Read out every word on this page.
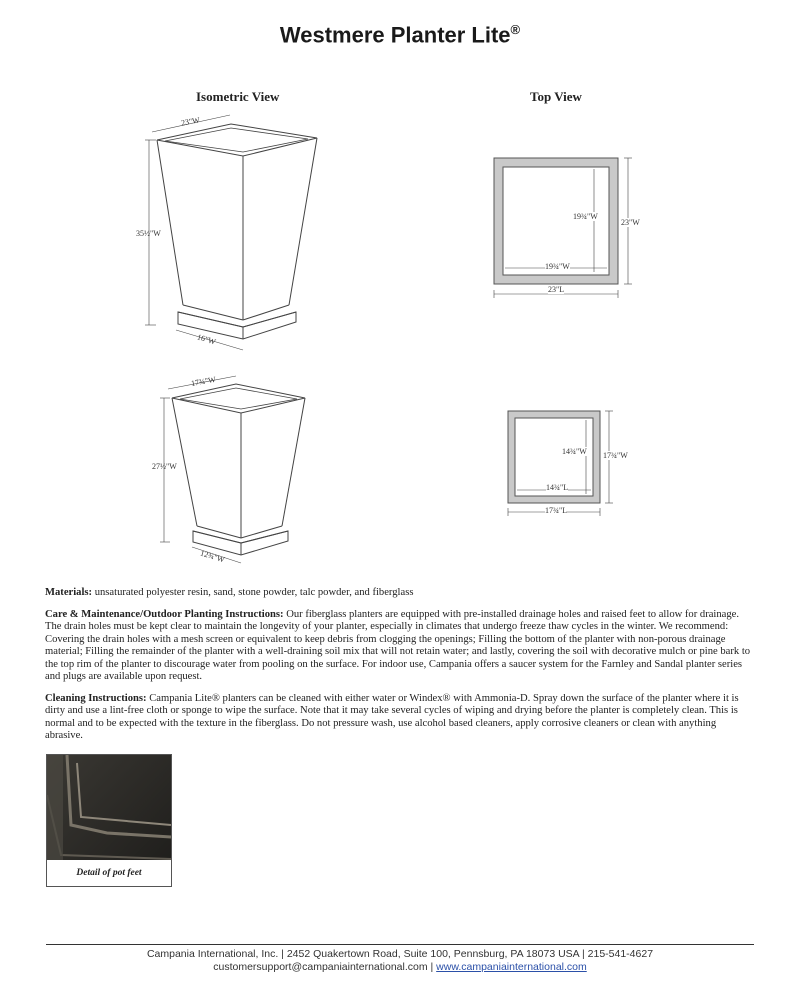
Westmere Planter Lite®
Isometric View	Top View
23"W
35½"W
16"W
17¾"W
27½"W
12¾"W
19¾"W
19¾"W
23"W
23"L
14¾"W
14¾"L
17¾"W
17¾"L
Materials: unsaturated polyester resin, sand, stone powder, talc powder, and fiberglass
Care & Maintenance/Outdoor Planting Instructions: Our fiberglass planters are equipped with pre-installed drainage holes and raised feet to allow for drainage. The drain holes must be kept clear to maintain the longevity of your planter, especially in climates that undergo freeze thaw cycles in the winter. We recommend: Covering the drain holes with a mesh screen or equivalent to keep debris from clogging the openings; Filling the bottom of the planter with non-porous drainage material; Filling the remainder of the planter with a well-draining soil mix that will not retain water; and lastly, covering the soil with decorative mulch or pine bark to the top rim of the planter to discourage water from pooling on the surface. For indoor use, Campania offers a saucer system for the Farnley and Sandal planter series and plugs are available upon request.
Cleaning Instructions: Campania Lite® planters can be cleaned with either water or Windex® with Ammonia-D. Spray down the surface of the planter where it is dirty and use a lint-free cloth or sponge to wipe the surface. Note that it may take several cycles of wiping and drying before the planter is completely clean. This is normal and to be expected with the texture in the fiberglass. Do not pressure wash, use alcohol based cleaners, apply corrosive cleaners or clean with anything abrasive.
Detail of pot feet
Campania International, Inc. | 2452 Quakertown Road, Suite 100, Pennsburg, PA 18073 USA | 215-541-4627
customersupport@campaniainternational.com | www.campaniainternational.com
